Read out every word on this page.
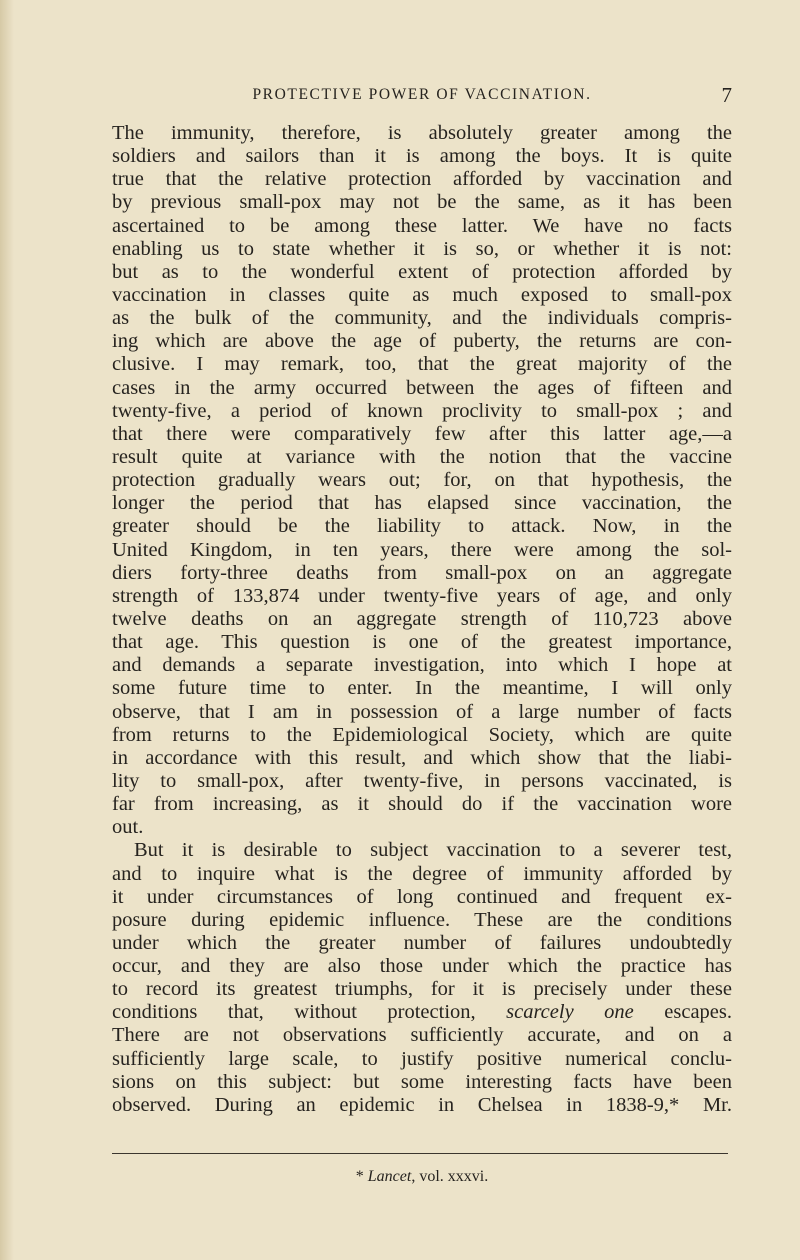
PROTECTIVE POWER OF VACCINATION.	7
The immunity, therefore, is absolutely greater among the
soldiers and sailors than it is among the boys. It is quite
true that the relative protection afforded by vaccination and
by previous small-pox may not be the same, as it has been
ascertained to be among these latter. We have no facts
enabling us to state whether it is so, or whether it is not:
but as to the wonderful extent of protection afforded by
vaccination in classes quite as much exposed to small-pox
as the bulk of the community, and the individuals compris-
ing which are above the age of puberty, the returns are con-
clusive. I may remark, too, that the great majority of the
cases in the army occurred between the ages of fifteen and
twenty-five, a period of known proclivity to small-pox ; and
that there were comparatively few after this latter age,—a
result quite at variance with the notion that the vaccine
protection gradually wears out; for, on that hypothesis, the
longer the period that has elapsed since vaccination, the
greater should be the liability to attack. Now, in the
United Kingdom, in ten years, there were among the sol-
diers forty-three deaths from small-pox on an aggregate
strength of 133,874 under twenty-five years of age, and only
twelve deaths on an aggregate strength of 110,723 above
that age. This question is one of the greatest importance,
and demands a separate investigation, into which I hope at
some future time to enter. In the meantime, I will only
observe, that I am in possession of a large number of facts
from returns to the Epidemiological Society, which are quite
in accordance with this result, and which show that the liabi-
lity to small-pox, after twenty-five, in persons vaccinated, is
far from increasing, as it should do if the vaccination wore
out.
But it is desirable to subject vaccination to a severer test,
and to inquire what is the degree of immunity afforded by
it under circumstances of long continued and frequent ex-
posure during epidemic influence. These are the conditions
under which the greater number of failures undoubtedly
occur, and they are also those under which the practice has
to record its greatest triumphs, for it is precisely under these
conditions that, without protection, scarcely one escapes.
There are not observations sufficiently accurate, and on a
sufficiently large scale, to justify positive numerical conclu-
sions on this subject: but some interesting facts have been
observed. During an epidemic in Chelsea in 1838-9,* Mr.
* Lancet, vol. xxxvi.
